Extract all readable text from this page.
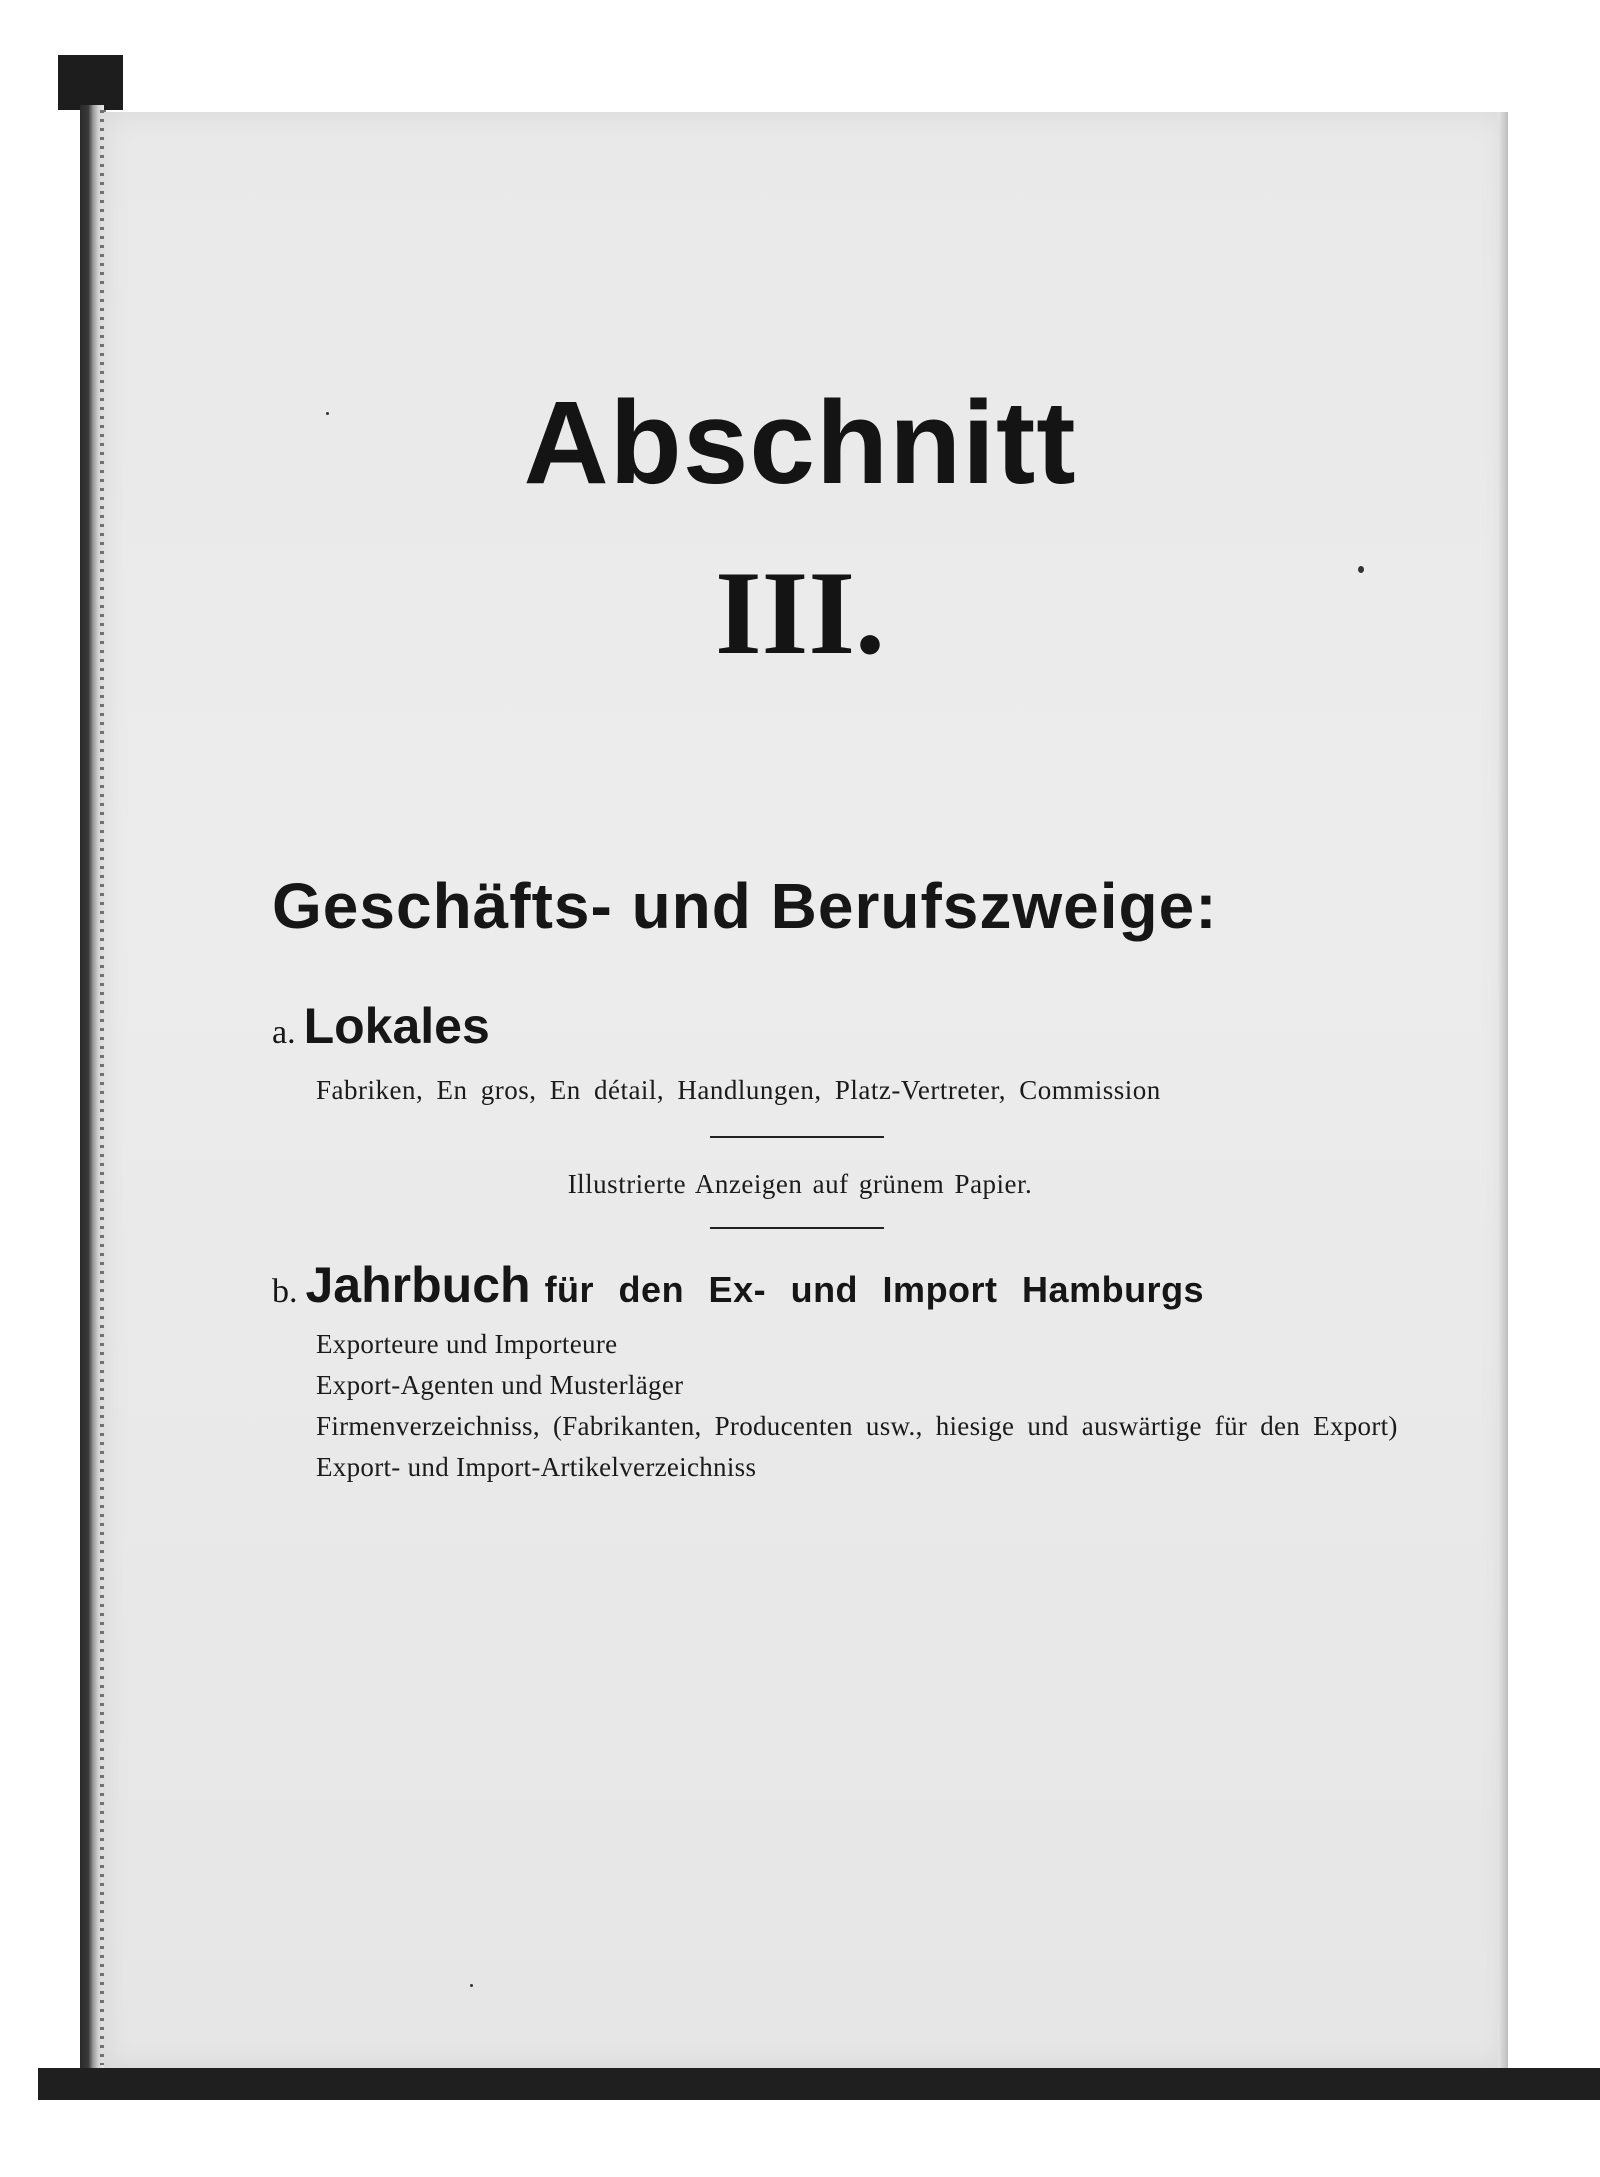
Abschnitt
III.
Geschäfts- und Berufszweige:
a. Lokales
Fabriken, En gros, En détail, Handlungen, Platz-Vertreter, Commission
Illustrierte Anzeigen auf grünem Papier.
b. Jahrbuch für den Ex- und Import Hamburgs
Exporteure und Importeure
Export-Agenten und Musterläger
Firmenverzeichniss, (Fabrikanten, Producenten usw., hiesige und auswärtige für den Export)
Export- und Import-Artikelverzeichniss
